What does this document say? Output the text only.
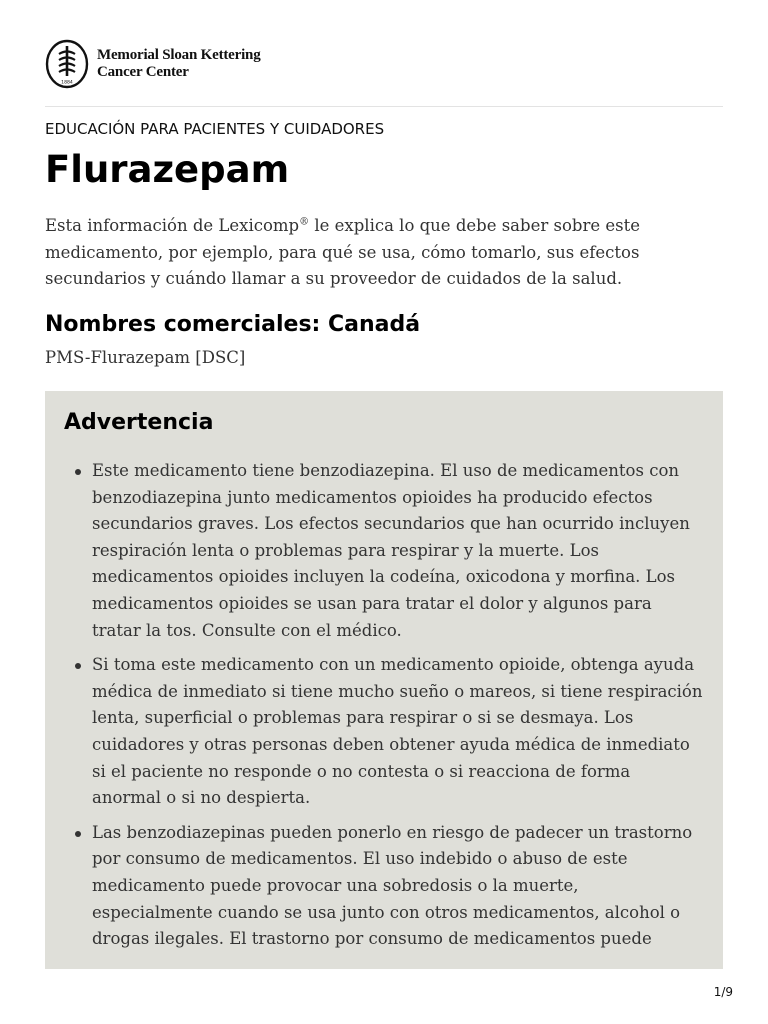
1884
Memorial Sloan Kettering
Cancer Center
EDUCACIÓN PARA PACIENTES Y CUIDADORES
Flurazepam

Esta información de Lexicomp® le explica lo que debe saber sobre este medicamento, por ejemplo, para qué se usa, cómo tomarlo, sus efectos secundarios y cuándo llamar a su proveedor de cuidados de la salud.

Nombres comerciales: Canadá
PMS-Flurazepam [DSC]
Advertencia
Este medicamento tiene benzodiazepina. El uso de medicamentos con benzodiazepina junto medicamentos opioides ha producido efectos secundarios graves. Los efectos secundarios que han ocurrido incluyen respiración lenta o problemas para respirar y la muerte. Los medicamentos opioides incluyen la codeína, oxicodona y morfina. Los medicamentos opioides se usan para tratar el dolor y algunos para tratar la tos. Consulte con el médico.
Si toma este medicamento con un medicamento opioide, obtenga ayuda médica de inmediato si tiene mucho sueño o mareos, si tiene respiración lenta, superficial o problemas para respirar o si se desmaya. Los cuidadores y otras personas deben obtener ayuda médica de inmediato si el paciente no responde o no contesta o si reacciona de forma anormal o si no despierta.
Las benzodiazepinas pueden ponerlo en riesgo de padecer un trastorno por consumo de medicamentos. El uso indebido o abuso de este medicamento puede provocar una sobredosis o la muerte, especialmente cuando se usa junto con otros medicamentos, alcohol o drogas ilegales. El trastorno por consumo de medicamentos puede
1/9
